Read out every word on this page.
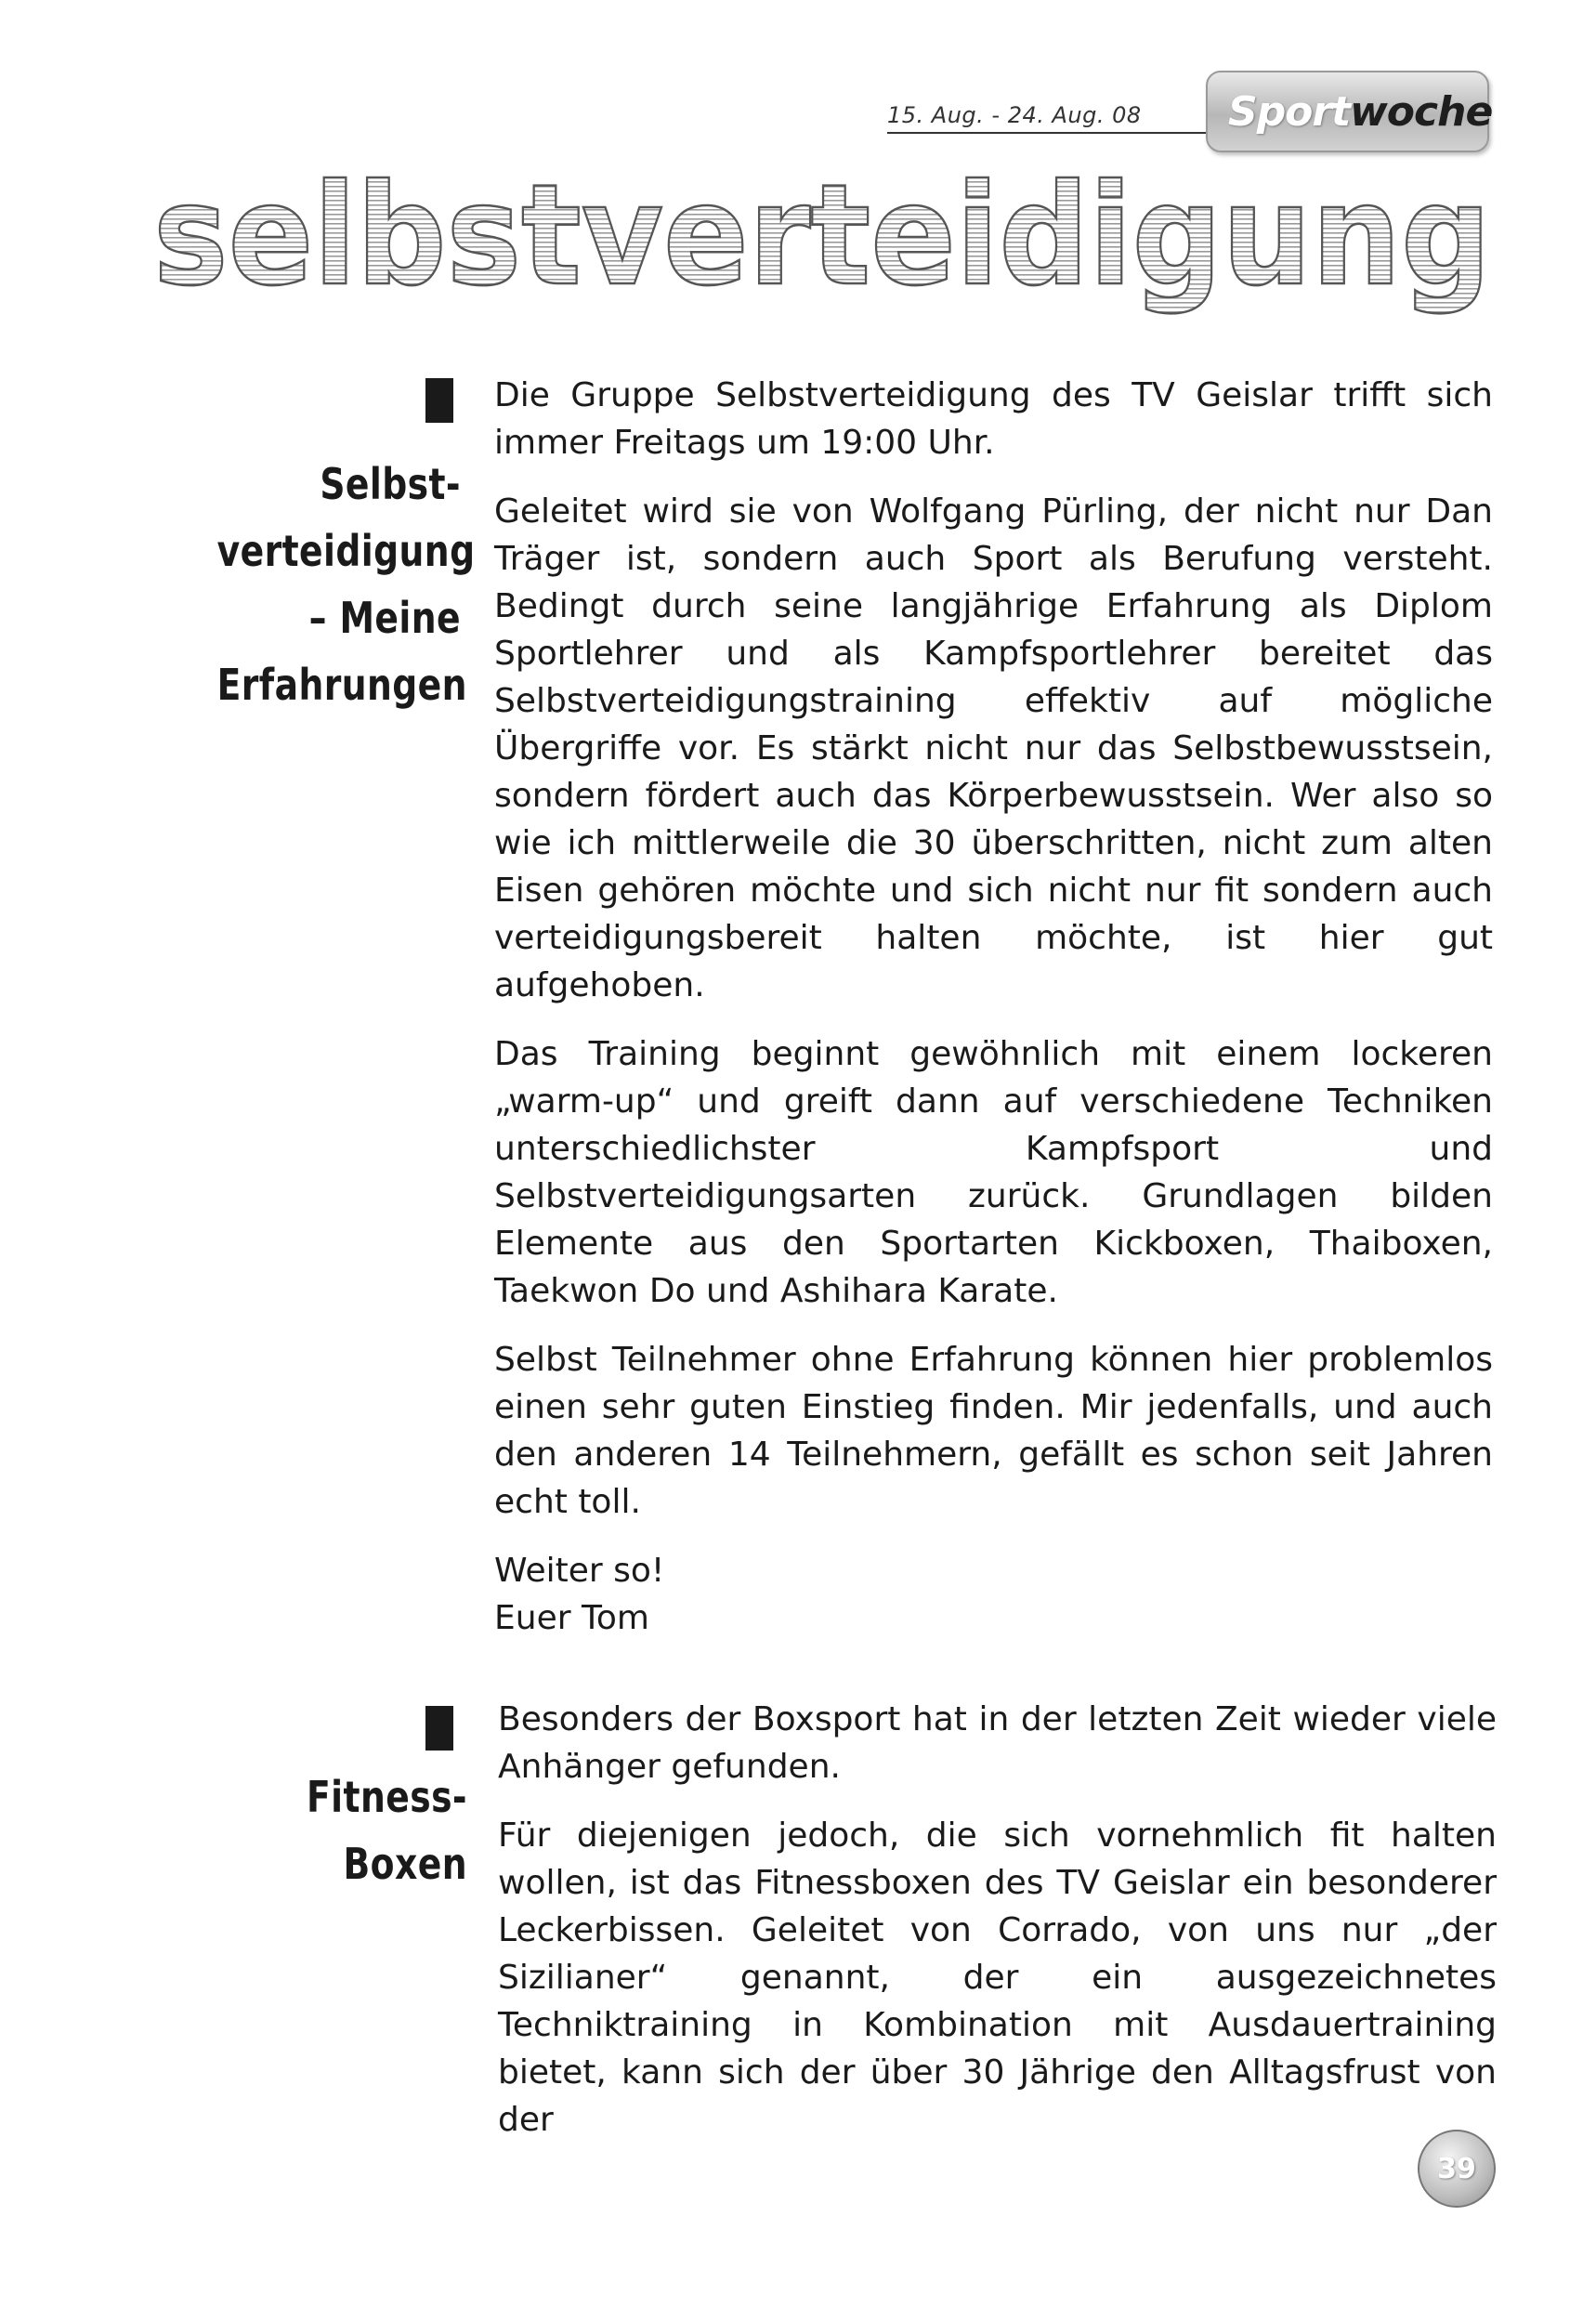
15. Aug. - 24. Aug. 08 Sport woche
selbstverteidigung
Selbst-
verteidigung
– Meine
Erfahrungen

Die Gruppe Selbstverteidigung des TV Geislar trifft sich immer Freitags um 19:00 Uhr.

Geleitet wird sie von Wolfgang Pürling, der nicht nur Dan Träger ist, sondern auch Sport als Berufung versteht. Bedingt durch seine langjährige Erfahrung als Diplom Sportlehrer und als Kampfsportlehrer bereitet das Selbstverteidigungstraining effektiv auf mögliche Übergriffe vor. Es stärkt nicht nur das Selbstbewusstsein, sondern fördert auch das Körperbewusstsein. Wer also so wie ich mittlerweile die 30 überschritten, nicht zum alten Eisen gehören möchte und sich nicht nur fit sondern auch verteidigungsbereit halten möchte, ist hier gut aufgehoben.

Das Training beginnt gewöhnlich mit einem lockeren „warm-up“ und greift dann auf verschiedene Techniken unterschiedlichster Kampfsport und Selbstverteidigungsarten zurück. Grundlagen bilden Elemente aus den Sportarten Kickboxen, Thaiboxen, Taekwon Do und Ashihara Karate.

Selbst Teilnehmer ohne Erfahrung können hier problemlos einen sehr guten Einstieg finden. Mir jedenfalls, und auch den anderen 14 Teilnehmern, gefällt es schon seit Jahren echt toll.

Weiter so!

Euer Tom

Fitness-Boxen

Besonders der Boxsport hat in der letzten Zeit wieder viele Anhänger gefunden.

Für diejenigen jedoch, die sich vornehmlich fit halten wollen, ist das Fitnessboxen des TV Geislar ein besonderer Leckerbissen. Geleitet von Corrado, von uns nur „der Sizilianer“ genannt, der ein ausgezeichnetes Techniktraining in Kombination mit Ausdauertraining bietet, kann sich der über 30 Jährige den Alltagsfrust von der

39
